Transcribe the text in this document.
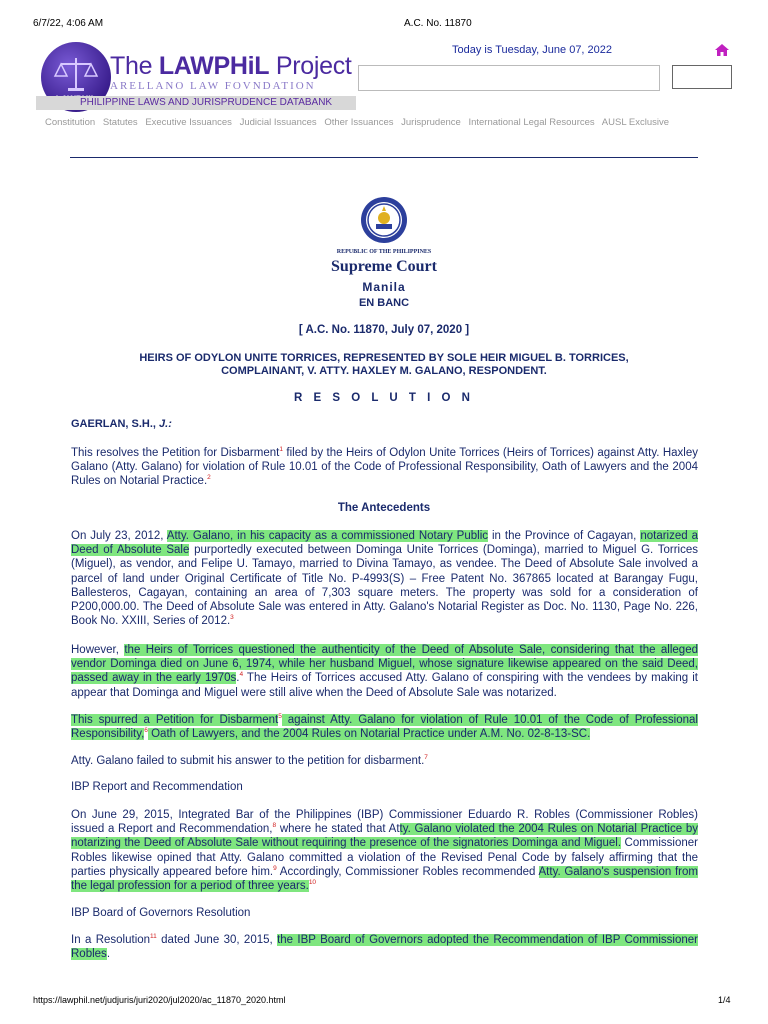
6/7/22, 4:06 AM	A.C. No. 11870
The LAWPHiL Project
ARELLANO LAW FOVNDATION
PHILIPPINE LAWS AND JURISPRUDENCE DATABANK
Today is Tuesday, June 07, 2022
Constitution Statutes Executive Issuances Judicial Issuances Other Issuances Jurisprudence International Legal Resources AUSL Exclusive
REPUBLIC OF THE PHILIPPINES
Supreme Court
Manila
EN BANC
[ A.C. No. 11870, July 07, 2020 ]
HEIRS OF ODYLON UNITE TORRICES, REPRESENTED BY SOLE HEIR MIGUEL B. TORRICES,
COMPLAINANT, V. ATTY. HAXLEY M. GALANO, RESPONDENT.
R E S O L U T I O N
GAERLAN, S.H., J.:
This resolves the Petition for Disbarment$^1$ filed by the Heirs of Odylon Unite Torrices (Heirs of Torrices) against Atty. Haxley Galano (Atty. Galano) for violation of Rule 10.01 of the Code of Professional Responsibility, Oath of Lawyers and the 2004 Rules on Notarial Practice.$^2$
The Antecedents
On July 23, 2012, Atty. Galano, in his capacity as a commissioned Notary Public in the Province of Cagayan, notarized a Deed of Absolute Sale purportedly executed between Dominga Unite Torrices (Dominga), married to Miguel G. Torrices (Miguel), as vendor, and Felipe U. Tamayo, married to Divina Tamayo, as vendee. The Deed of Absolute Sale involved a parcel of land under Original Certificate of Title No. P-4993(S) – Free Patent No. 367865 located at Barangay Fugu, Ballesteros, Cagayan, containing an area of 7,303 square meters. The property was sold for a consideration of P200,000.00. The Deed of Absolute Sale was entered in Atty. Galano's Notarial Register as Doc. No. 1130, Page No. 226, Book No. XXIII, Series of 2012.$^3$
However, the Heirs of Torrices questioned the authenticity of the Deed of Absolute Sale, considering that the alleged vendor Dominga died on June 6, 1974, while her husband Miguel, whose signature likewise appeared on the said Deed, passed away in the early 1970s.$^4$ The Heirs of Torrices accused Atty. Galano of conspiring with the vendees by making it appear that Dominga and Miguel were still alive when the Deed of Absolute Sale was notarized.
This spurred a Petition for Disbarment$^5$ against Atty. Galano for violation of Rule 10.01 of the Code of Professional Responsibility,$^6$ Oath of Lawyers, and the 2004 Rules on Notarial Practice under A.M. No. 02-8-13-SC.
Atty. Galano failed to submit his answer to the petition for disbarment.$^7$
IBP Report and Recommendation
On June 29, 2015, Integrated Bar of the Philippines (IBP) Commissioner Eduardo R. Robles (Commissioner Robles) issued a Report and Recommendation,$^8$ where he stated that Atty. Galano violated the 2004 Rules on Notarial Practice by notarizing the Deed of Absolute Sale without requiring the presence of the signatories Dominga and Miguel. Commissioner Robles likewise opined that Atty. Galano committed a violation of the Revised Penal Code by falsely affirming that the parties physically appeared before him.$^9$ Accordingly, Commissioner Robles recommended Atty. Galano's suspension from the legal profession for a period of three years.$^{10}$
IBP Board of Governors Resolution
In a Resolution$^{11}$ dated June 30, 2015, the IBP Board of Governors adopted the Recommendation of IBP Commissioner Robles.
https://lawphil.net/judjuris/juri2020/jul2020/ac_11870_2020.html	1/4
